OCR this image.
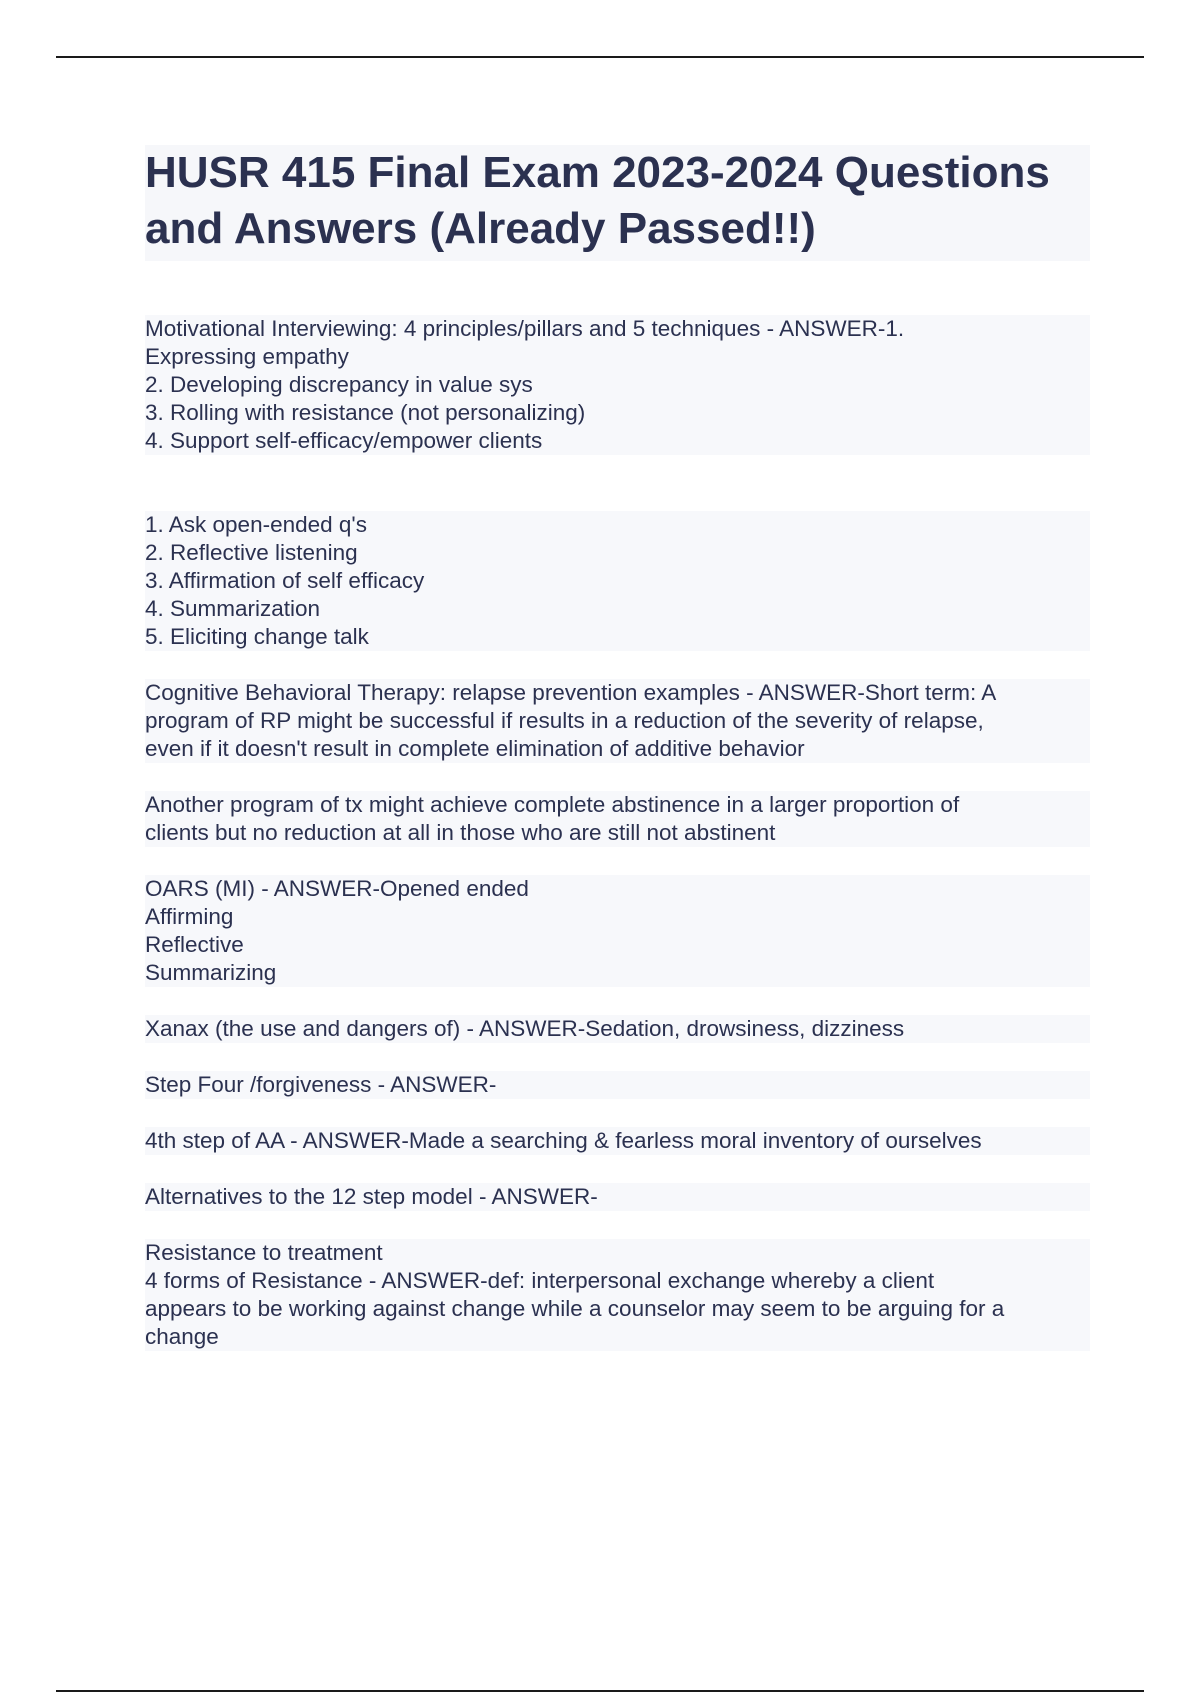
HUSR 415 Final Exam 2023-2024 Questions and Answers (Already Passed!!)
Motivational Interviewing: 4 principles/pillars and 5 techniques - ANSWER-1.
Expressing empathy
2. Developing discrepancy in value sys
3. Rolling with resistance (not personalizing)
4. Support self-efficacy/empower clients
1. Ask open-ended q's
2. Reflective listening
3. Affirmation of self efficacy
4. Summarization
5. Eliciting change talk
Cognitive Behavioral Therapy: relapse prevention examples - ANSWER-Short term: A
program of RP might be successful if results in a reduction of the severity of relapse,
even if it doesn't result in complete elimination of additive behavior
Another program of tx might achieve complete abstinence in a larger proportion of
clients but no reduction at all in those who are still not abstinent
OARS (MI) - ANSWER-Opened ended
Affirming
Reflective
Summarizing
Xanax (the use and dangers of) - ANSWER-Sedation, drowsiness, dizziness
Step Four /forgiveness - ANSWER-
4th step of AA - ANSWER-Made a searching & fearless moral inventory of ourselves
Alternatives to the 12 step model - ANSWER-
Resistance to treatment
4 forms of Resistance - ANSWER-def: interpersonal exchange whereby a client
appears to be working against change while a counselor may seem to be arguing for a
change
